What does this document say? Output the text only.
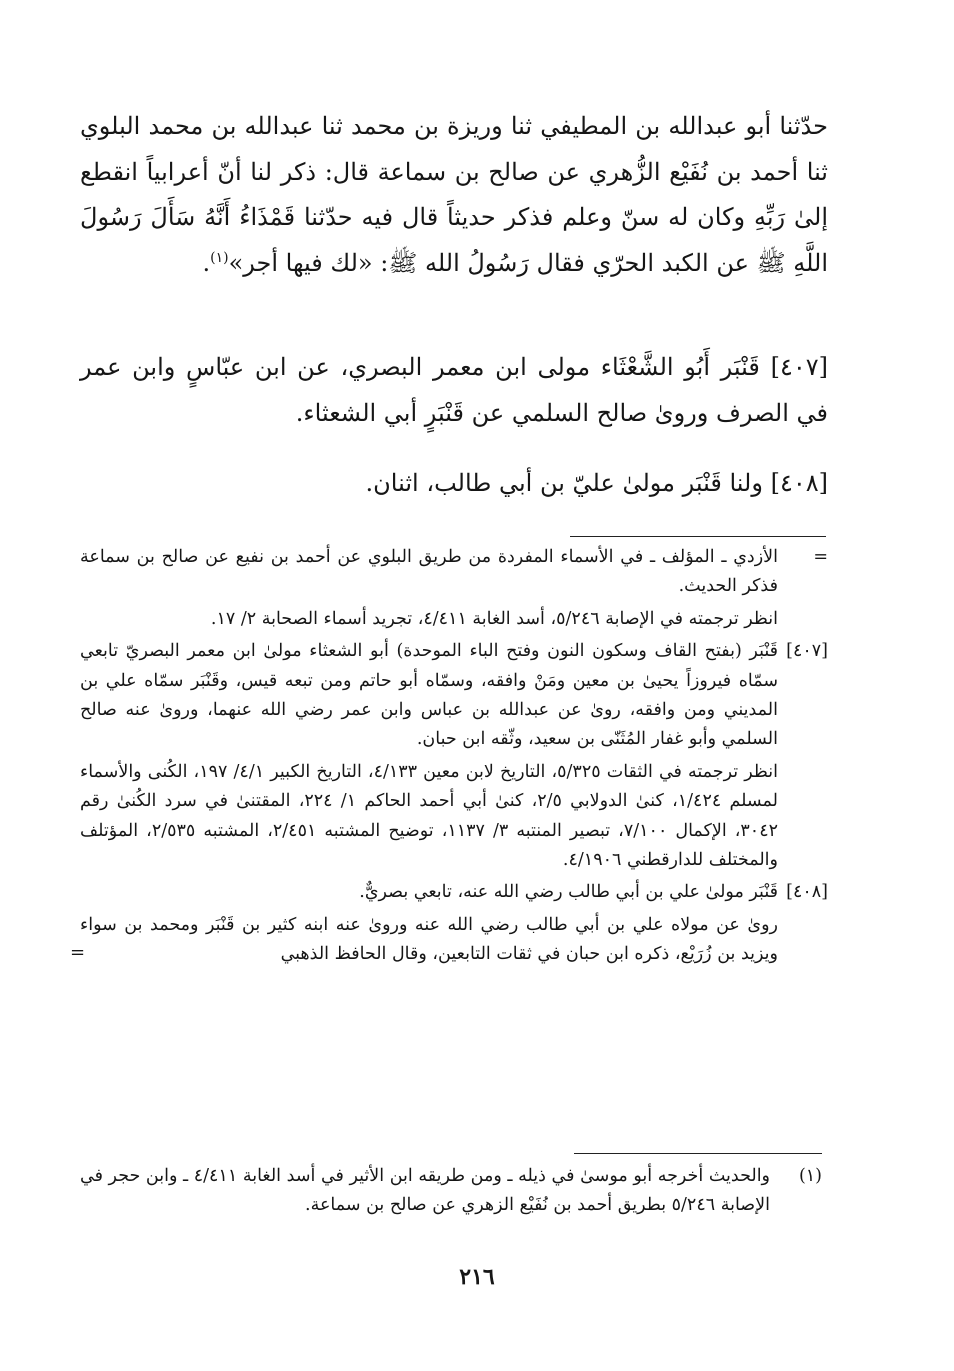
حدّثنا أبو عبدالله بن المطيفي ثنا وريزة بن محمد ثنا عبدالله بن محمد البلوي ثنا أحمد بن نُفَيْع الزُّهري عن صالح بن سماعة قال: ذكر لنا أنّ أعرابياً انقطع إلىٰ رَبِّهِ وكان له سنّ وعلم فذكر حديثاً قال فيه حدّثنا قَمْذَاءُ أَنَّهُ سَأَلَ رَسُولَ اللَّهِ ﷺ عن الكبد الحرّي فقال رَسُولُ الله ﷺ: «لك فيها أجر»$^{(١)}$.
[٤٠٧] قَنْبَر أَبُو الشَّعْثَاء مولى ابن معمر البصري، عن ابن عبّاسٍ وابن عمر في الصرف وروىٰ صالح السلمي عن قَنْبَرٍ أبي الشعثاء.
[٤٠٨] ولنا قَنْبَر مولىٰ عليّ بن أبي طالب، اثنان.
=
الأزدي ـ المؤلف ـ في الأسماء المفردة من طريق البلوي عن أحمد بن نفيع عن صالح بن سماعة فذكر الحديث.
انظر ترجمته في الإصابة ٥/٢٤٦، أسد الغابة ٤/٤١١، تجريد أسماء الصحابة ٢/ ١٧.
[٤٠٧]
قَنْبَر (بفتح القاف وسكون النون وفتح الباء الموحدة) أبو الشعثاء مولىٰ ابن معمر البصريّ تابعي سمّاه فيروزاً يحيىٰ بن معين ومَنْ وافقه، وسمّاه أبو حاتم ومن تبعه قيس، وقَنْبَر سمّاه علي بن المديني ومن وافقه، روىٰ عن عبدالله بن عباس وابن عمر رضي الله عنهما، وروىٰ عنه صالح السلمي وأبو غفار المُثَنّى بن سعيد، وثّقه ابن حبان.
انظر ترجمته في الثقات ٥/٣٢٥، التاريخ لابن معين ٤/١٣٣، التاريخ الكبير ٤/١/ ١٩٧، الكُنى والأسماء لمسلم ١/٤٢٤، كنىٰ الدولابي ٢/٥، كنىٰ أبي أحمد الحاكم ١/ ٢٢٤، المقتنىٰ في سرد الكُنىٰ رقم ٣٠٤٢، الإكمال ٧/١٠٠، تبصير المنتبه ٣/ ١١٣٧، توضيح المشتبه ٢/٤٥١، المشتبه ٢/٥٣٥، المؤتلف والمختلف للدارقطني ٤/١٩٠٦.
[٤٠٨]
قَنْبَر مولىٰ علي بن أبي طالب رضي الله عنه، تابعي بصريٌّ.
روىٰ عن مولاه علي بن أبي طالب رضي الله عنه وروىٰ عنه ابنه كثير بن قَنْبَر ومحمد بن سواء ويزيد بن زُرَيْع، ذكره ابن حبان في ثقات التابعين، وقال الحافظ الذهبي
=
(١)
والحديث أخرجه أبو موسىٰ في ذيله ـ ومن طريقه ابن الأثير في أسد الغابة ٤/٤١١ ـ وابن حجر في الإصابة ٥/٢٤٦ بطريق أحمد بن نُفَيْع الزهري عن صالح بن سماعة.
٢١٦
